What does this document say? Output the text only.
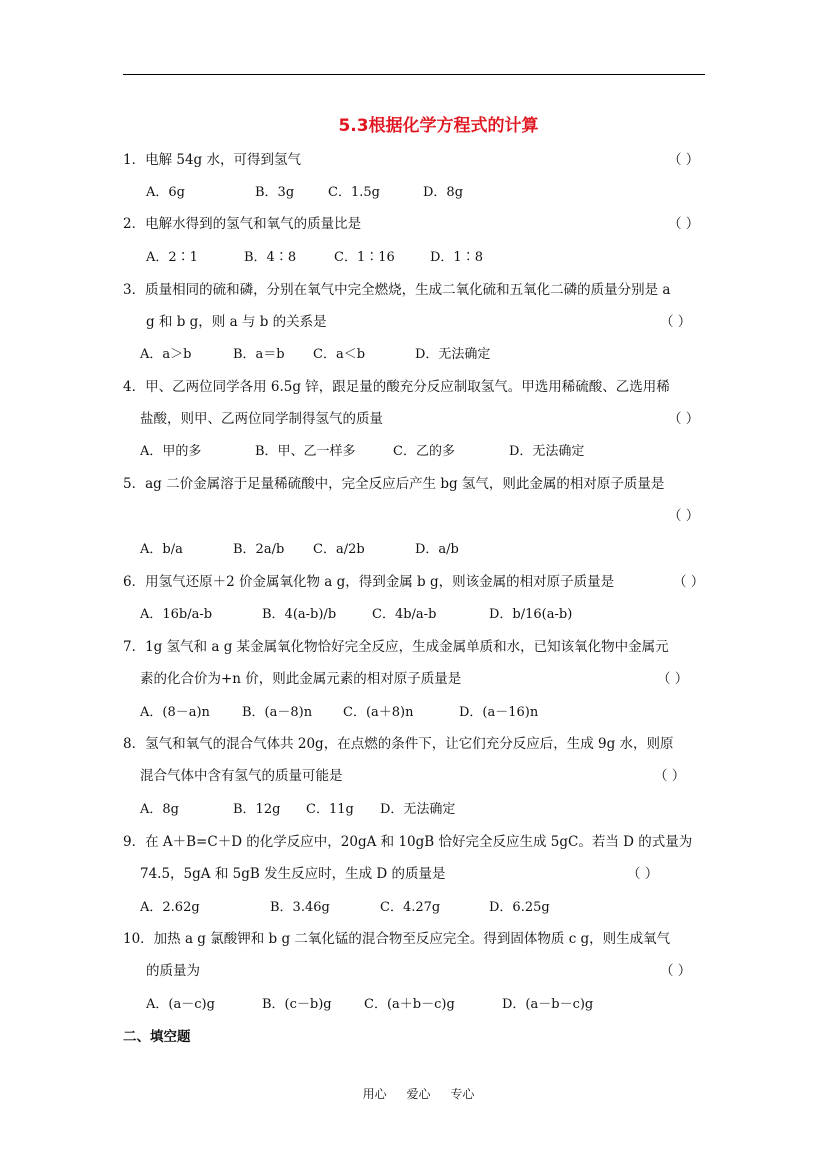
5.3根据化学方程式的计算
1．电解 54g 水，可得到氢气	（ ）
A．6g	B．3g	C．1.5g	D．8g
2．电解水得到的氢气和氧气的质量比是	（ ）
A．2∶1	B．4∶8	C．1∶16	D．1∶8
3．质量相同的硫和磷，分别在氧气中完全燃烧，生成二氧化硫和五氧化二磷的质量分别是 a
g 和 b g，则 a 与 b 的关系是	（ ）
A．a＞b	B．a＝b C．a＜b	D．无法确定
4．甲、乙两位同学各用 6.5g 锌，跟足量的酸充分反应制取氢气。甲选用稀硫酸、乙选用稀
盐酸，则甲、乙两位同学制得氢气的质量	（ ）
A．甲的多	B．甲、乙一样多	C．乙的多	D．无法确定
5．ag 二价金属溶于足量稀硫酸中，完全反应后产生 bg 氢气，则此金属的相对原子质量是
（ ）
A．b/a	B．2a/b C．a/2b	D．a/b
6．用氢气还原＋2 价金属氧化物 a g，得到金属 b g，则该金属的相对原子质量是	（ ）
A．16b/a-b	B．4(a-b)/b	C．4b/a-b	D．b/16(a-b)
7．1g 氢气和 a g 某金属氧化物恰好完全反应，生成金属单质和水，已知该氧化物中金属元
素的化合价为+n 价，则此金属元素的相对原子质量是	（ ）
A．(8－a)n B．(a－8)n C．(a＋8)n	D．(a－16)n
8．氢气和氧气的混合气体共 20g，在点燃的条件下，让它们充分反应后，生成 9g 水，则原
混合气体中含有氢气的质量可能是	（ ）
A．8g	B．12g C．11g D．无法确定
9．在 A＋B=C＋D 的化学反应中，20gA 和 10gB 恰好完全反应生成 5gC。若当 D 的式量为
74.5，5gA 和 5gB 发生反应时，生成 D 的质量是	（ ）
A．2.62g	B．3.46g	C．4.27g	D．6.25g
10．加热 a g 氯酸钾和 b g 二氧化锰的混合物至反应完全。得到固体物质 c g，则生成氧气
的质量为	（ ）
A．(a－c)g	B．(c－b)g C．(a＋b－c)g	D．(a－b－c)g
二、填空题
用心 爱心 专心
